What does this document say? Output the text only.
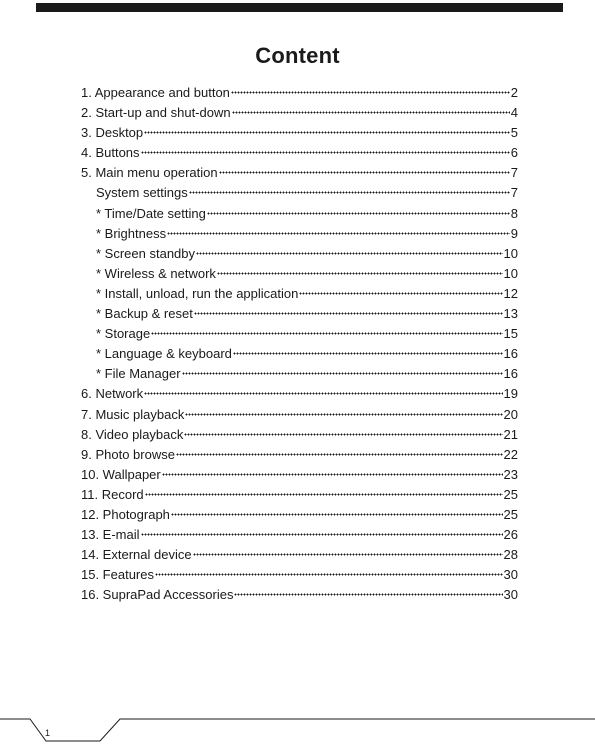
Content
1. Appearance and button	2
2. Start-up and shut-down	4
3. Desktop	5
4. Buttons	6
5. Main menu operation	7
System settings	7
* Time/Date setting	8
* Brightness	9
* Screen standby	10
* Wireless & network	10
* Install, unload, run the application	12
* Backup & reset	13
* Storage	15
* Language & keyboard	16
* File Manager	16
6. Network	19
7. Music playback	20
8. Video playback	21
9. Photo browse	22
10. Wallpaper	23
11. Record	25
12. Photograph	25
13. E-mail	26
14. External device	28
15. Features	30
16. SupraPad Accessories	30
1
